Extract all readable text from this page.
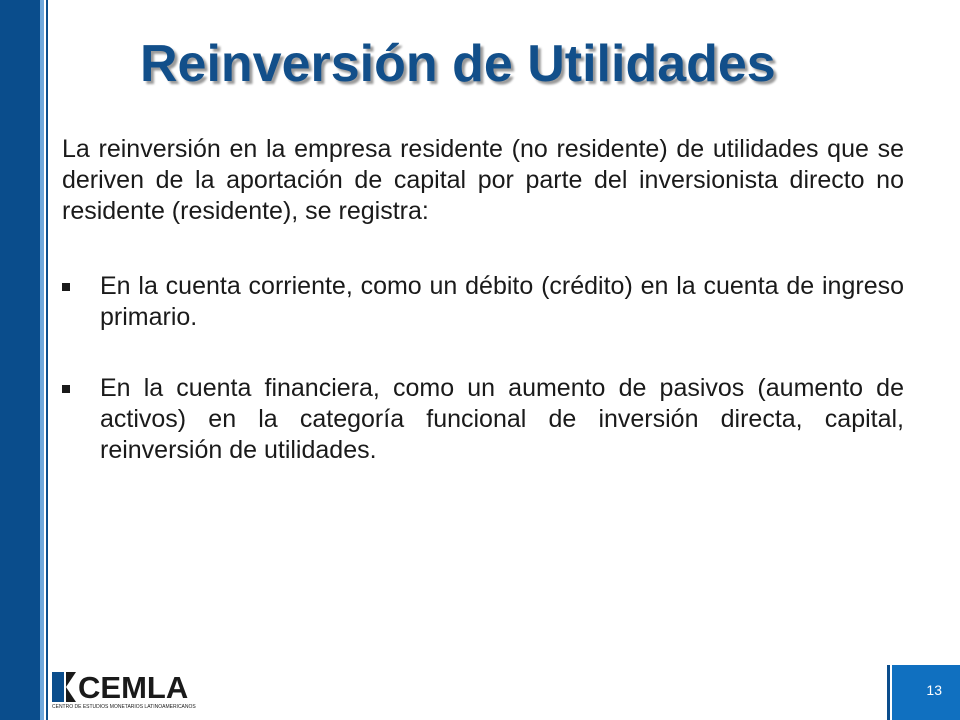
Reinversión de Utilidades

La reinversión en la empresa residente (no residente) de utilidades que se deriven de la aportación de capital por parte del inversionista directo no residente (residente), se registra:

En la cuenta corriente, como un débito (crédito) en la cuenta de ingreso primario.
En la cuenta financiera, como un aumento de pasivos (aumento de activos) en la categoría funcional de inversión directa, capital, reinversión de utilidades.
CEMLA
CENTRO DE ESTUDIOS MONETARIOS LATINOAMERICANOS
13
